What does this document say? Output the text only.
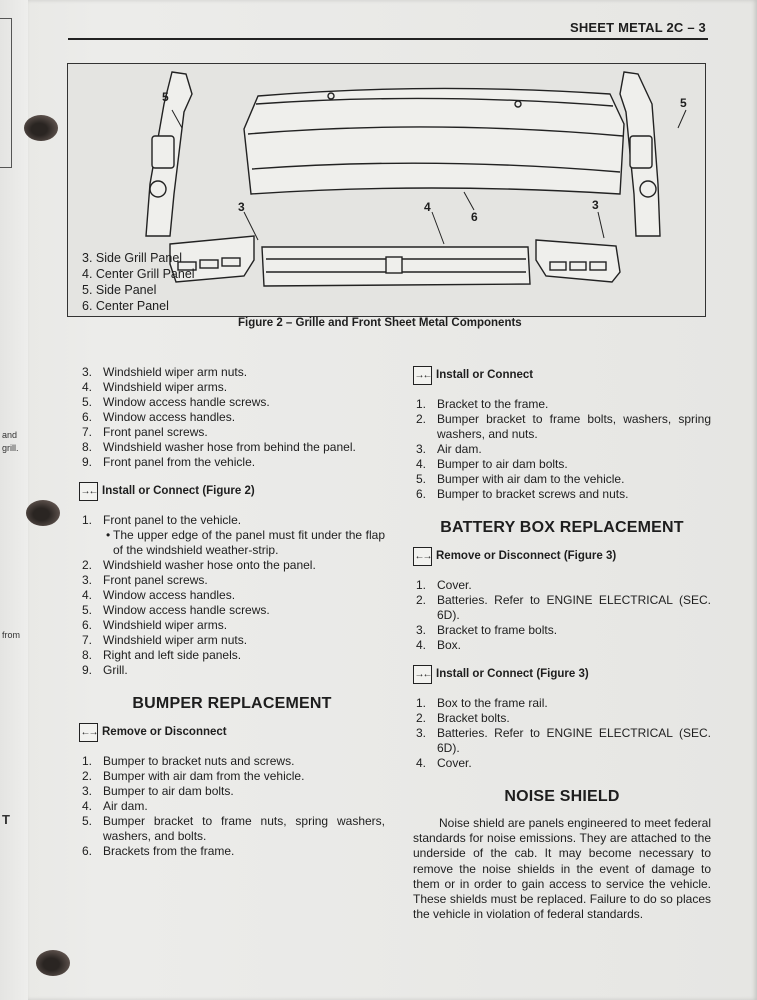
and
grill.
from
T
SHEET METAL 2C – 3
5	5
3	4
6
3
3. Side Grill Panel
4. Center Grill Panel
5. Side Panel
6. Center Panel
Figure 2 – Grille and Front Sheet Metal Components
3. Windshield wiper arm nuts.
4. Windshield wiper arms.
5. Window access handle screws.
6. Window access handles.
7. Front panel screws.
8. Windshield washer hose from behind the panel.
9. Front panel from the vehicle.
→← Install or Connect (Figure 2)
1. Front panel to the vehicle.
• The upper edge of the panel must fit under the flap of the windshield weather-strip.
2. Windshield washer hose onto the panel.
3. Front panel screws.
4. Window access handles.
5. Window access handle screws.
6. Windshield wiper arms.
7. Windshield wiper arm nuts.
8. Right and left side panels.
9. Grill.
BUMPER REPLACEMENT
←→ Remove or Disconnect
1. Bumper to bracket nuts and screws.
2. Bumper with air dam from the vehicle.
3. Bumper to air dam bolts.
4. Air dam.
5. Bumper bracket to frame nuts, spring washers, washers, and bolts.
6. Brackets from the frame.
→← Install or Connect
1. Bracket to the frame.
2. Bumper bracket to frame bolts, washers, spring washers, and nuts.
3. Air dam.
4. Bumper to air dam bolts.
5. Bumper with air dam to the vehicle.
6. Bumper to bracket screws and nuts.
BATTERY BOX REPLACEMENT
←→ Remove or Disconnect (Figure 3)
1. Cover.
2. Batteries. Refer to ENGINE ELECTRICAL (SEC. 6D).
3. Bracket to frame bolts.
4. Box.
→← Install or Connect (Figure 3)
1. Box to the frame rail.
2. Bracket bolts.
3. Batteries. Refer to ENGINE ELECTRICAL (SEC. 6D).
4. Cover.
NOISE SHIELD

Noise shield are panels engineered to meet federal standards for noise emissions. They are attached to the underside of the cab. It may become necessary to remove the noise shields in the event of damage to them or in order to gain access to service the vehicle. These shields must be replaced. Failure to do so places the vehicle in violation of federal standards.
